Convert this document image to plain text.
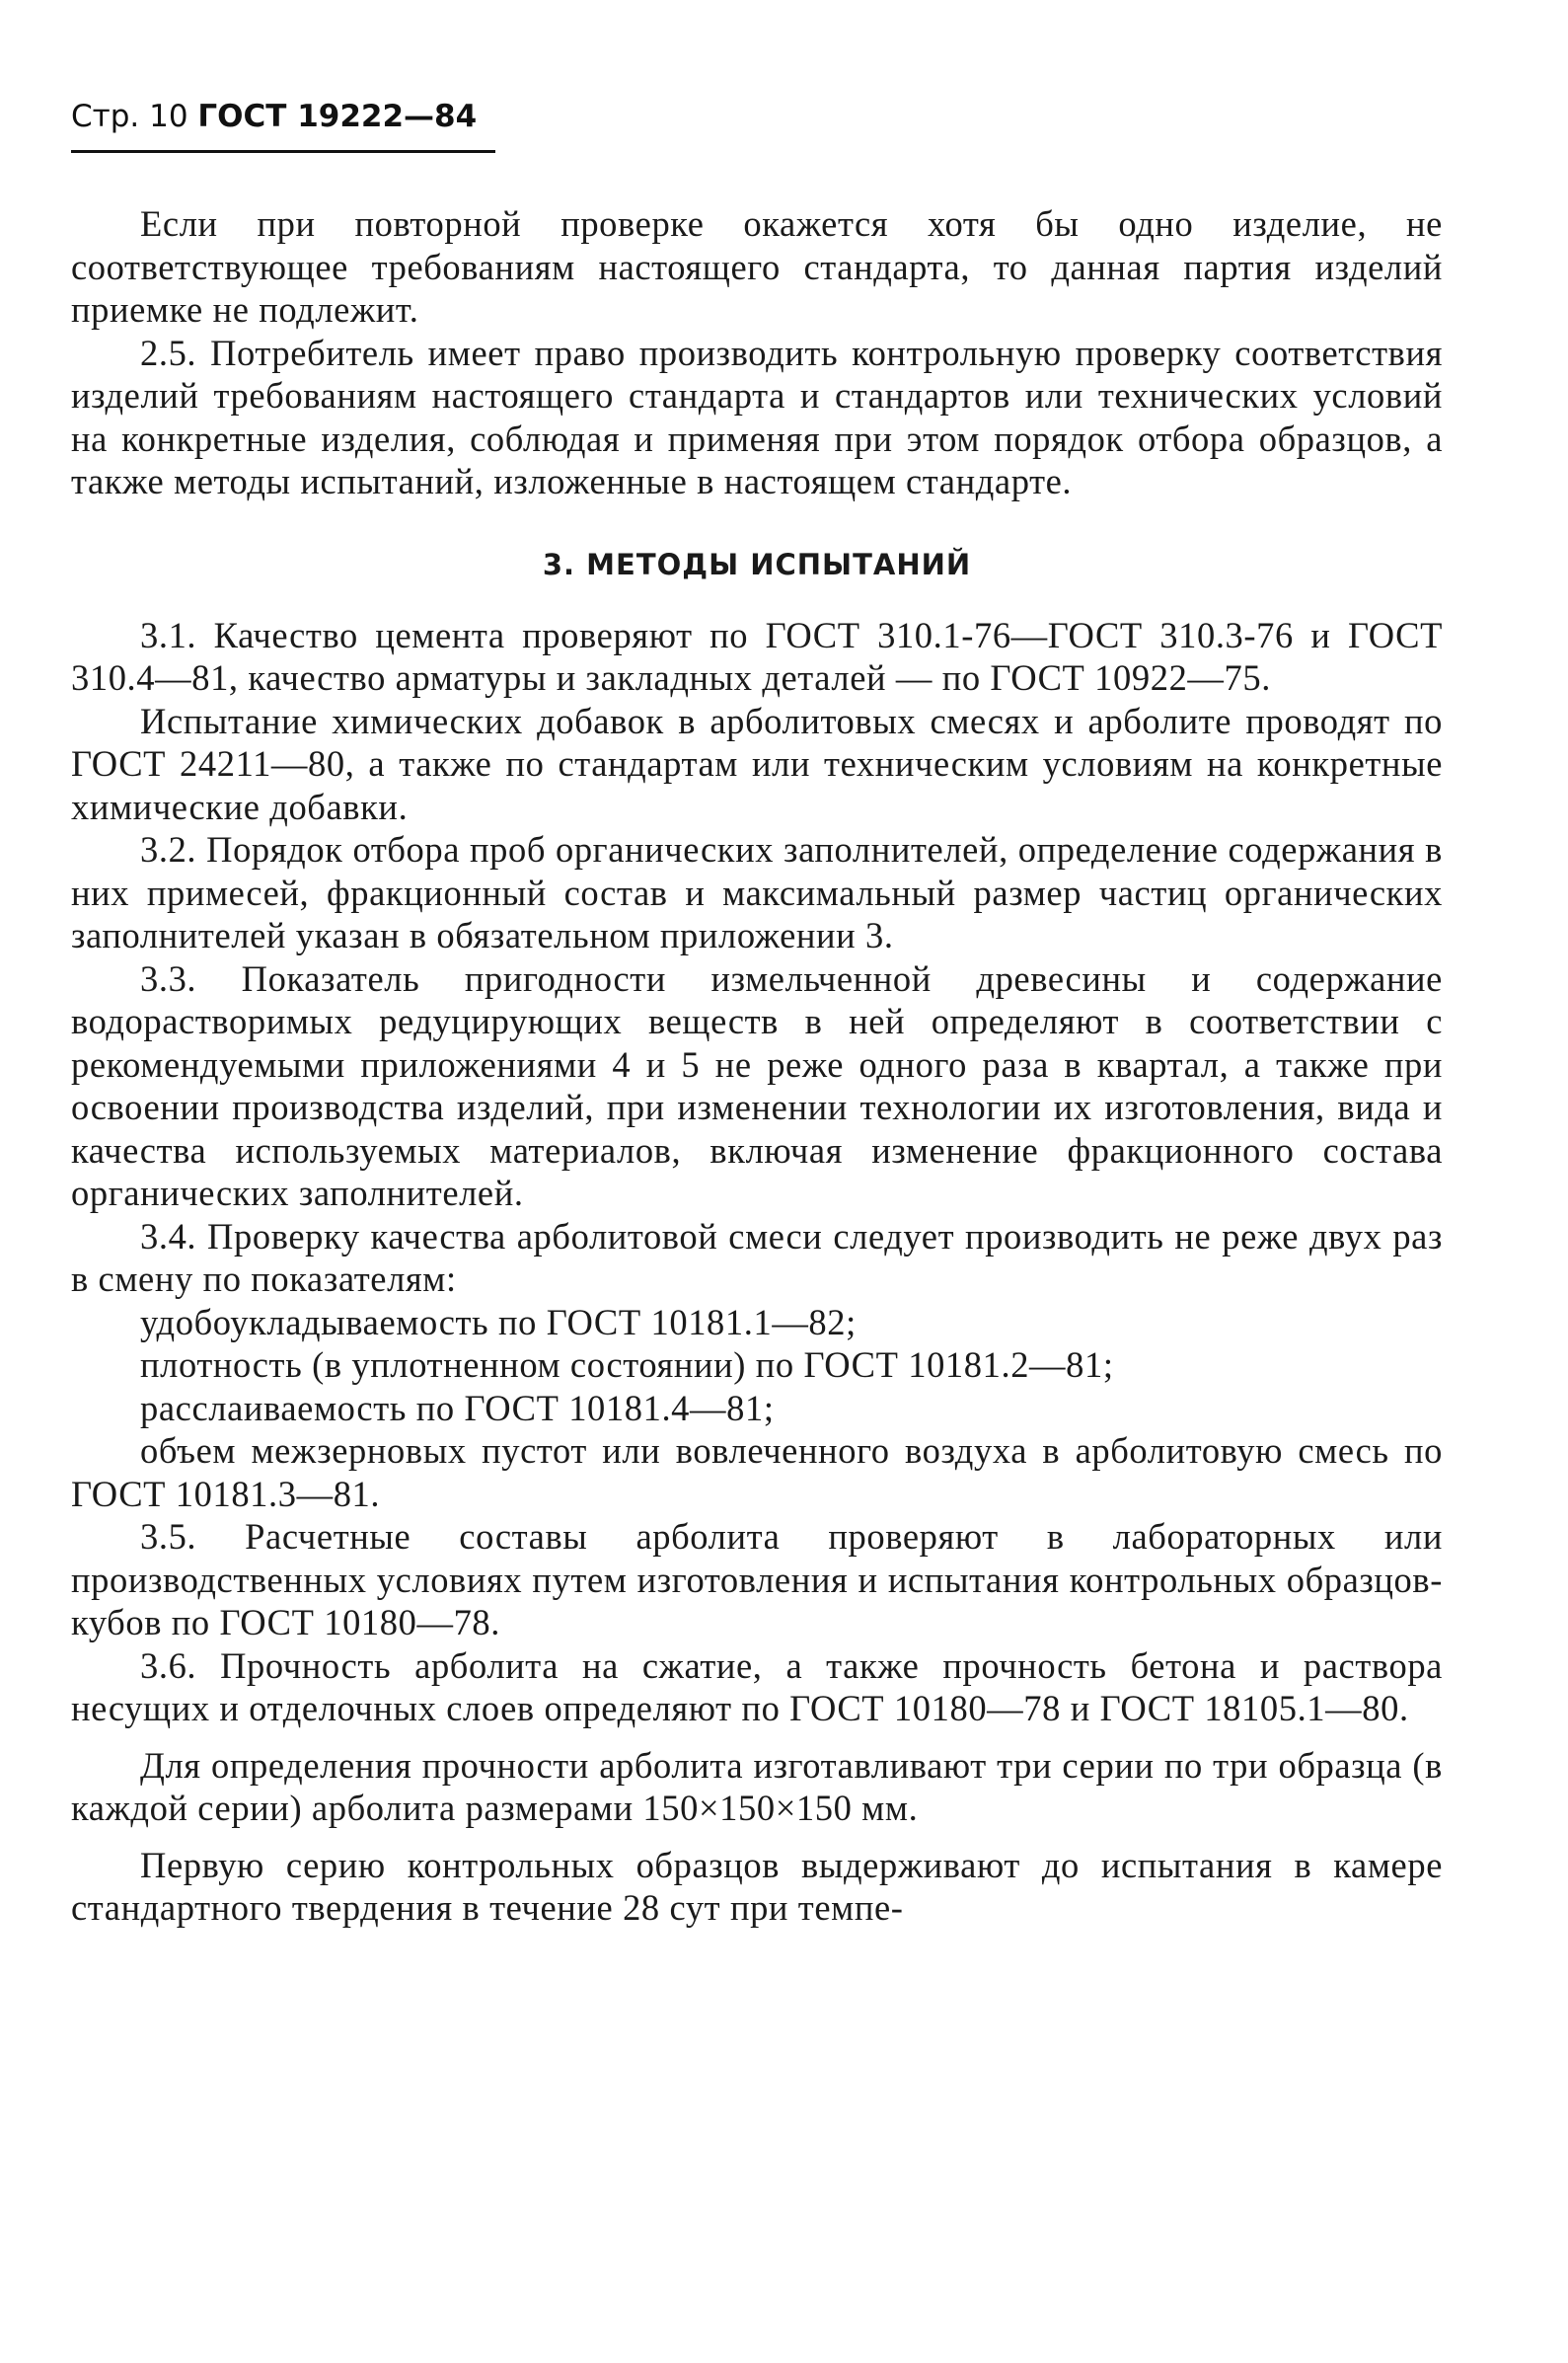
Стр. 10 ГОСТ 19222—84

Если при повторной проверке окажется хотя бы одно изделие, не соответствующее требованиям настоящего стандарта, то данная партия изделий приемке не подлежит.

2.5. Потребитель имеет право производить контрольную проверку соответствия изделий требованиям настоящего стандарта и стандартов или технических условий на конкретные изделия, соблюдая и применяя при этом порядок отбора образцов, а также методы испытаний, изложенные в настоящем стандарте.

3. МЕТОДЫ ИСПЫТАНИЙ

3.1. Качество цемента проверяют по ГОСТ 310.1-76—ГОСТ 310.3-76 и ГОСТ 310.4—81, качество арматуры и закладных деталей — по ГОСТ 10922—75.

Испытание химических добавок в арболитовых смесях и арболите проводят по ГОСТ 24211—80, а также по стандартам или техническим условиям на конкретные химические добавки.

3.2. Порядок отбора проб органических заполнителей, определение содержания в них примесей, фракционный состав и максимальный размер частиц органических заполнителей указан в обязательном приложении 3.

3.3. Показатель пригодности измельченной древесины и содержание водорастворимых редуцирующих веществ в ней определяют в соответствии с рекомендуемыми приложениями 4 и 5 не реже одного раза в квартал, а также при освоении производства изделий, при изменении технологии их изготовления, вида и качества используемых материалов, включая изменение фракционного состава органических заполнителей.

3.4. Проверку качества арболитовой смеси следует производить не реже двух раз в смену по показателям:

удобоукладываемость по ГОСТ 10181.1—82;

плотность (в уплотненном состоянии) по ГОСТ 10181.2—81;

расслаиваемость по ГОСТ 10181.4—81;

объем межзерновых пустот или вовлеченного воздуха в арболитовую смесь по ГОСТ 10181.3—81.

3.5. Расчетные составы арболита проверяют в лабораторных или производственных условиях путем изготовления и испытания контрольных образцов-кубов по ГОСТ 10180—78.

3.6. Прочность арболита на сжатие, а также прочность бетона и раствора несущих и отделочных слоев определяют по ГОСТ 10180—78 и ГОСТ 18105.1—80.

Для определения прочности арболита изготавливают три серии по три образца (в каждой серии) арболита размерами 150×150×150 мм.

Первую серию контрольных образцов выдерживают до испытания в камере стандартного твердения в течение 28 сут при темпе-
